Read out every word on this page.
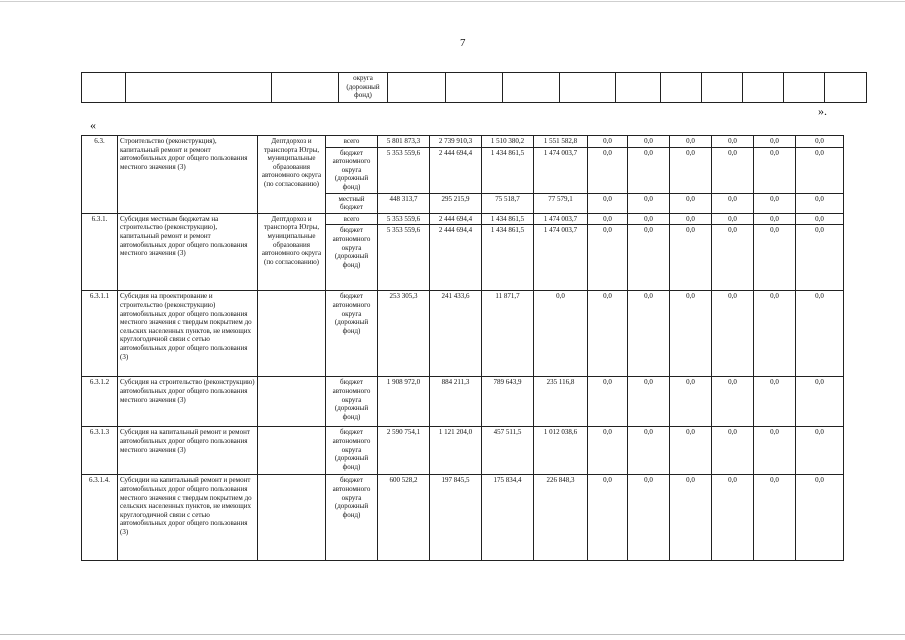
7
			округа (дорожный фонд)										
».
«
6.3.	Строительство (реконструкция), капитальный ремонт и ремонт автомобильных дорог общего пользования местного значения (3)	Дептдорхоз и транспорта Югры, муниципальные образования автономного округа (по согласованию)	всего	5 801 873,3	2 739 910,3	1 510 380,2	1 551 582,8	0,0	0,0	0,0	0,0	0,0	0,0
			бюджет автономного округа (дорожный фонд)	5 353 559,6	2 444 694,4	1 434 861,5	1 474 003,7	0,0	0,0	0,0	0,0	0,0	0,0
			местный бюджет	448 313,7	295 215,9	75 518,7	77 579,1	0,0	0,0	0,0	0,0	0,0	0,0
6.3.1.	Субсидия местным бюджетам на строительство (реконструкцию), капитальный ремонт и ремонт автомобильных дорог общего пользования местного значения (3)	Дептдорхоз и транспорта Югры, муниципальные образования автономного округа (по согласованию)	всего	5 353 559,6	2 444 694,4	1 434 861,5	1 474 003,7	0,0	0,0	0,0	0,0	0,0	0,0
			бюджет автономного округа (дорожный фонд)	5 353 559,6	2 444 694,4	1 434 861,5	1 474 003,7	0,0	0,0	0,0	0,0	0,0	0,0
6.3.1.1	Субсидия на проектирование и строительство (реконструкцию) автомобильных дорог общего пользования местного значения с твердым покрытием до сельских населенных пунктов, не имеющих круглогодичной связи с сетью автомобильных дорог общего пользования (3)		бюджет автономного округа (дорожный фонд)	253 305,3	241 433,6	11 871,7	0,0	0,0	0,0	0,0	0,0	0,0	0,0
6.3.1.2	Субсидия на строительство (реконструкцию) автомобильных дорог общего пользования местного значения (3)		бюджет автономного округа (дорожный фонд)	1 908 972,0	884 211,3	789 643,9	235 116,8	0,0	0,0	0,0	0,0	0,0	0,0
6.3.1.3	Субсидия на капитальный ремонт и ремонт автомобильных дорог общего пользования местного значения (3)		бюджет автономного округа (дорожный фонд)	2 590 754,1	1 121 204,0	457 511,5	1 012 038,6	0,0	0,0	0,0	0,0	0,0	0,0
6.3.1.4.	Субсидии на капитальный ремонт и ремонт автомобильных дорог общего пользования местного значения с твердым покрытием до сельских населенных пунктов, не имеющих круглогодичной связи с сетью автомобильных дорог общего пользования (3)		бюджет автономного округа (дорожный фонд)	600 528,2	197 845,5	175 834,4	226 848,3	0,0	0,0	0,0	0,0	0,0	0,0
